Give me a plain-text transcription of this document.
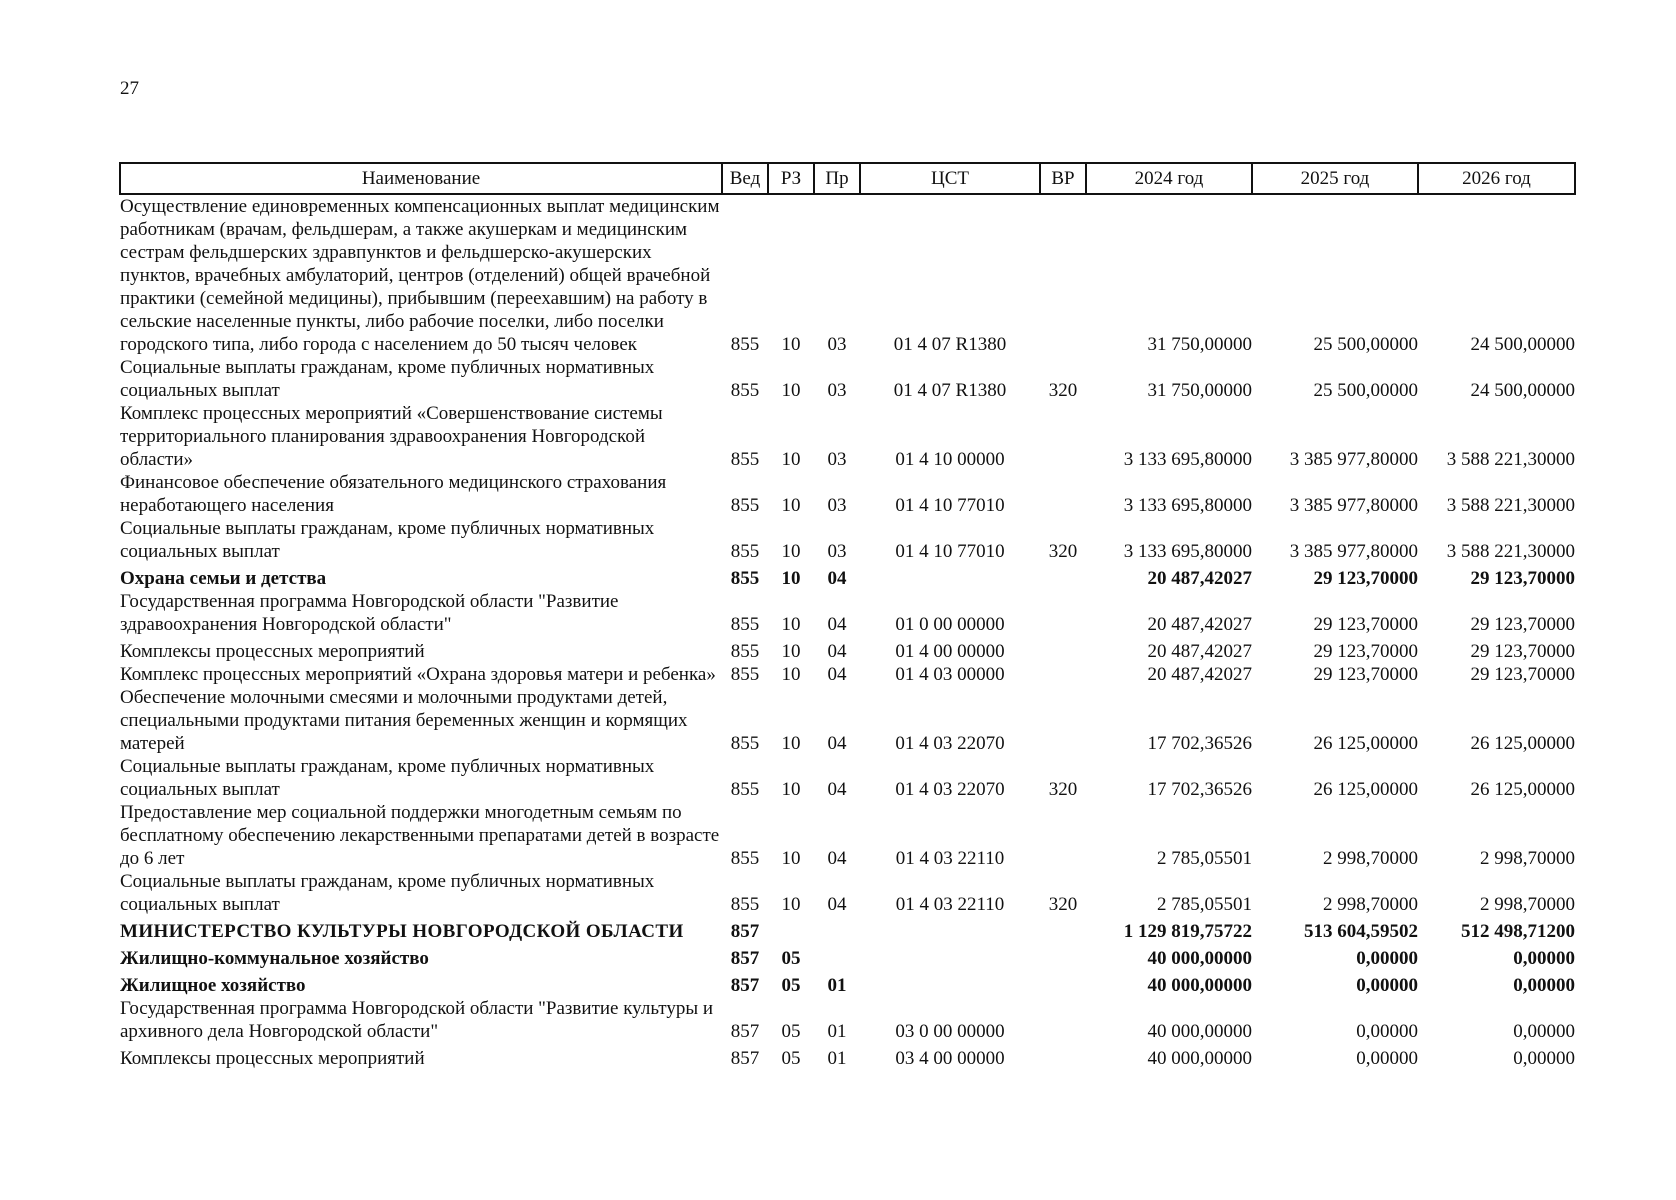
27
Наименование	Вед	РЗ	Пр	ЦСТ	ВР	2024 год	2025 год	2026 год
Осуществление единовременных компенсационных выплат медицинским работникам (врачам, фельдшерам, а также акушеркам и медицинским сестрам фельдшерских здравпунктов и фельдшерско-акушерских пунктов, врачебных амбулаторий, центров (отделений) общей врачебной практики (семейной медицины), прибывшим (переехавшим) на работу в сельские населенные пункты, либо рабочие поселки, либо поселки городского типа, либо города с населением до 50 тысяч человек	855	10	03	01 4 07 R1380		31 750,00000	25 500,00000	24 500,00000
Социальные выплаты гражданам, кроме публичных нормативных социальных выплат	855	10	03	01 4 07 R1380	320	31 750,00000	25 500,00000	24 500,00000
Комплекс процессных мероприятий «Совершенствование системы территориального планирования здравоохранения Новгородской области»	855	10	03	01 4 10 00000		3 133 695,80000	3 385 977,80000	3 588 221,30000
Финансовое обеспечение обязательного медицинского страхования неработающего населения	855	10	03	01 4 10 77010		3 133 695,80000	3 385 977,80000	3 588 221,30000
Социальные выплаты гражданам, кроме публичных нормативных социальных выплат	855	10	03	01 4 10 77010	320	3 133 695,80000	3 385 977,80000	3 588 221,30000
Охрана семьи и детства	855	10	04			20 487,42027	29 123,70000	29 123,70000
Государственная программа Новгородской области "Развитие здравоохранения Новгородской области"	855	10	04	01 0 00 00000		20 487,42027	29 123,70000	29 123,70000
Комплексы процессных мероприятий	855	10	04	01 4 00 00000		20 487,42027	29 123,70000	29 123,70000
Комплекс процессных мероприятий «Охрана здоровья матери и ребенка»	855	10	04	01 4 03 00000		20 487,42027	29 123,70000	29 123,70000
Обеспечение молочными смесями и молочными продуктами детей, специальными продуктами питания беременных женщин и кормящих матерей	855	10	04	01 4 03 22070		17 702,36526	26 125,00000	26 125,00000
Социальные выплаты гражданам, кроме публичных нормативных социальных выплат	855	10	04	01 4 03 22070	320	17 702,36526	26 125,00000	26 125,00000
Предоставление мер социальной поддержки многодетным семьям по бесплатному обеспечению лекарственными препаратами детей в возрасте до 6 лет	855	10	04	01 4 03 22110		2 785,05501	2 998,70000	2 998,70000
Социальные выплаты гражданам, кроме публичных нормативных социальных выплат	855	10	04	01 4 03 22110	320	2 785,05501	2 998,70000	2 998,70000
МИНИСТЕРСТВО КУЛЬТУРЫ НОВГОРОДСКОЙ ОБЛАСТИ	857					1 129 819,75722	513 604,59502	512 498,71200
Жилищно-коммунальное хозяйство	857	05				40 000,00000	0,00000	0,00000
Жилищное хозяйство	857	05	01			40 000,00000	0,00000	0,00000
Государственная программа Новгородской области "Развитие культуры и архивного дела Новгородской области"	857	05	01	03 0 00 00000		40 000,00000	0,00000	0,00000
Комплексы процессных мероприятий	857	05	01	03 4 00 00000		40 000,00000	0,00000	0,00000
